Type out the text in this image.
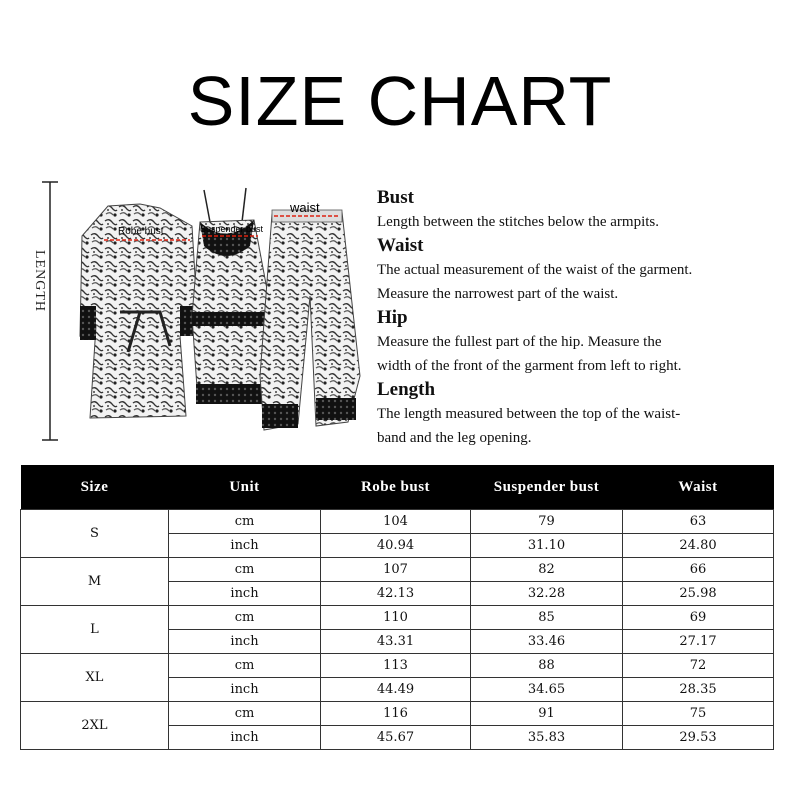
SIZE CHART
Robe bust	Suspender bust
waist
LENGTH
Bust
Length between the stitches below the armpits.
Waist
The actual measurement of the waist of the garment.
Measure the narrowest part of the waist.
Hip
Measure the fullest part of the hip. Measure the
width of the front of the garment from left to right.
Length
The length measured between the top of the waist-
band and the leg opening.
Size	Unit	Robe bust	Suspender bust	Waist
S	cm	104	79	63
	inch	40.94	31.10	24.80
M	cm	107	82	66
	inch	42.13	32.28	25.98
L	cm	110	85	69
	inch	43.31	33.46	27.17
XL	cm	113	88	72
	inch	44.49	34.65	28.35
2XL	cm	116	91	75
	inch	45.67	35.83	29.53
